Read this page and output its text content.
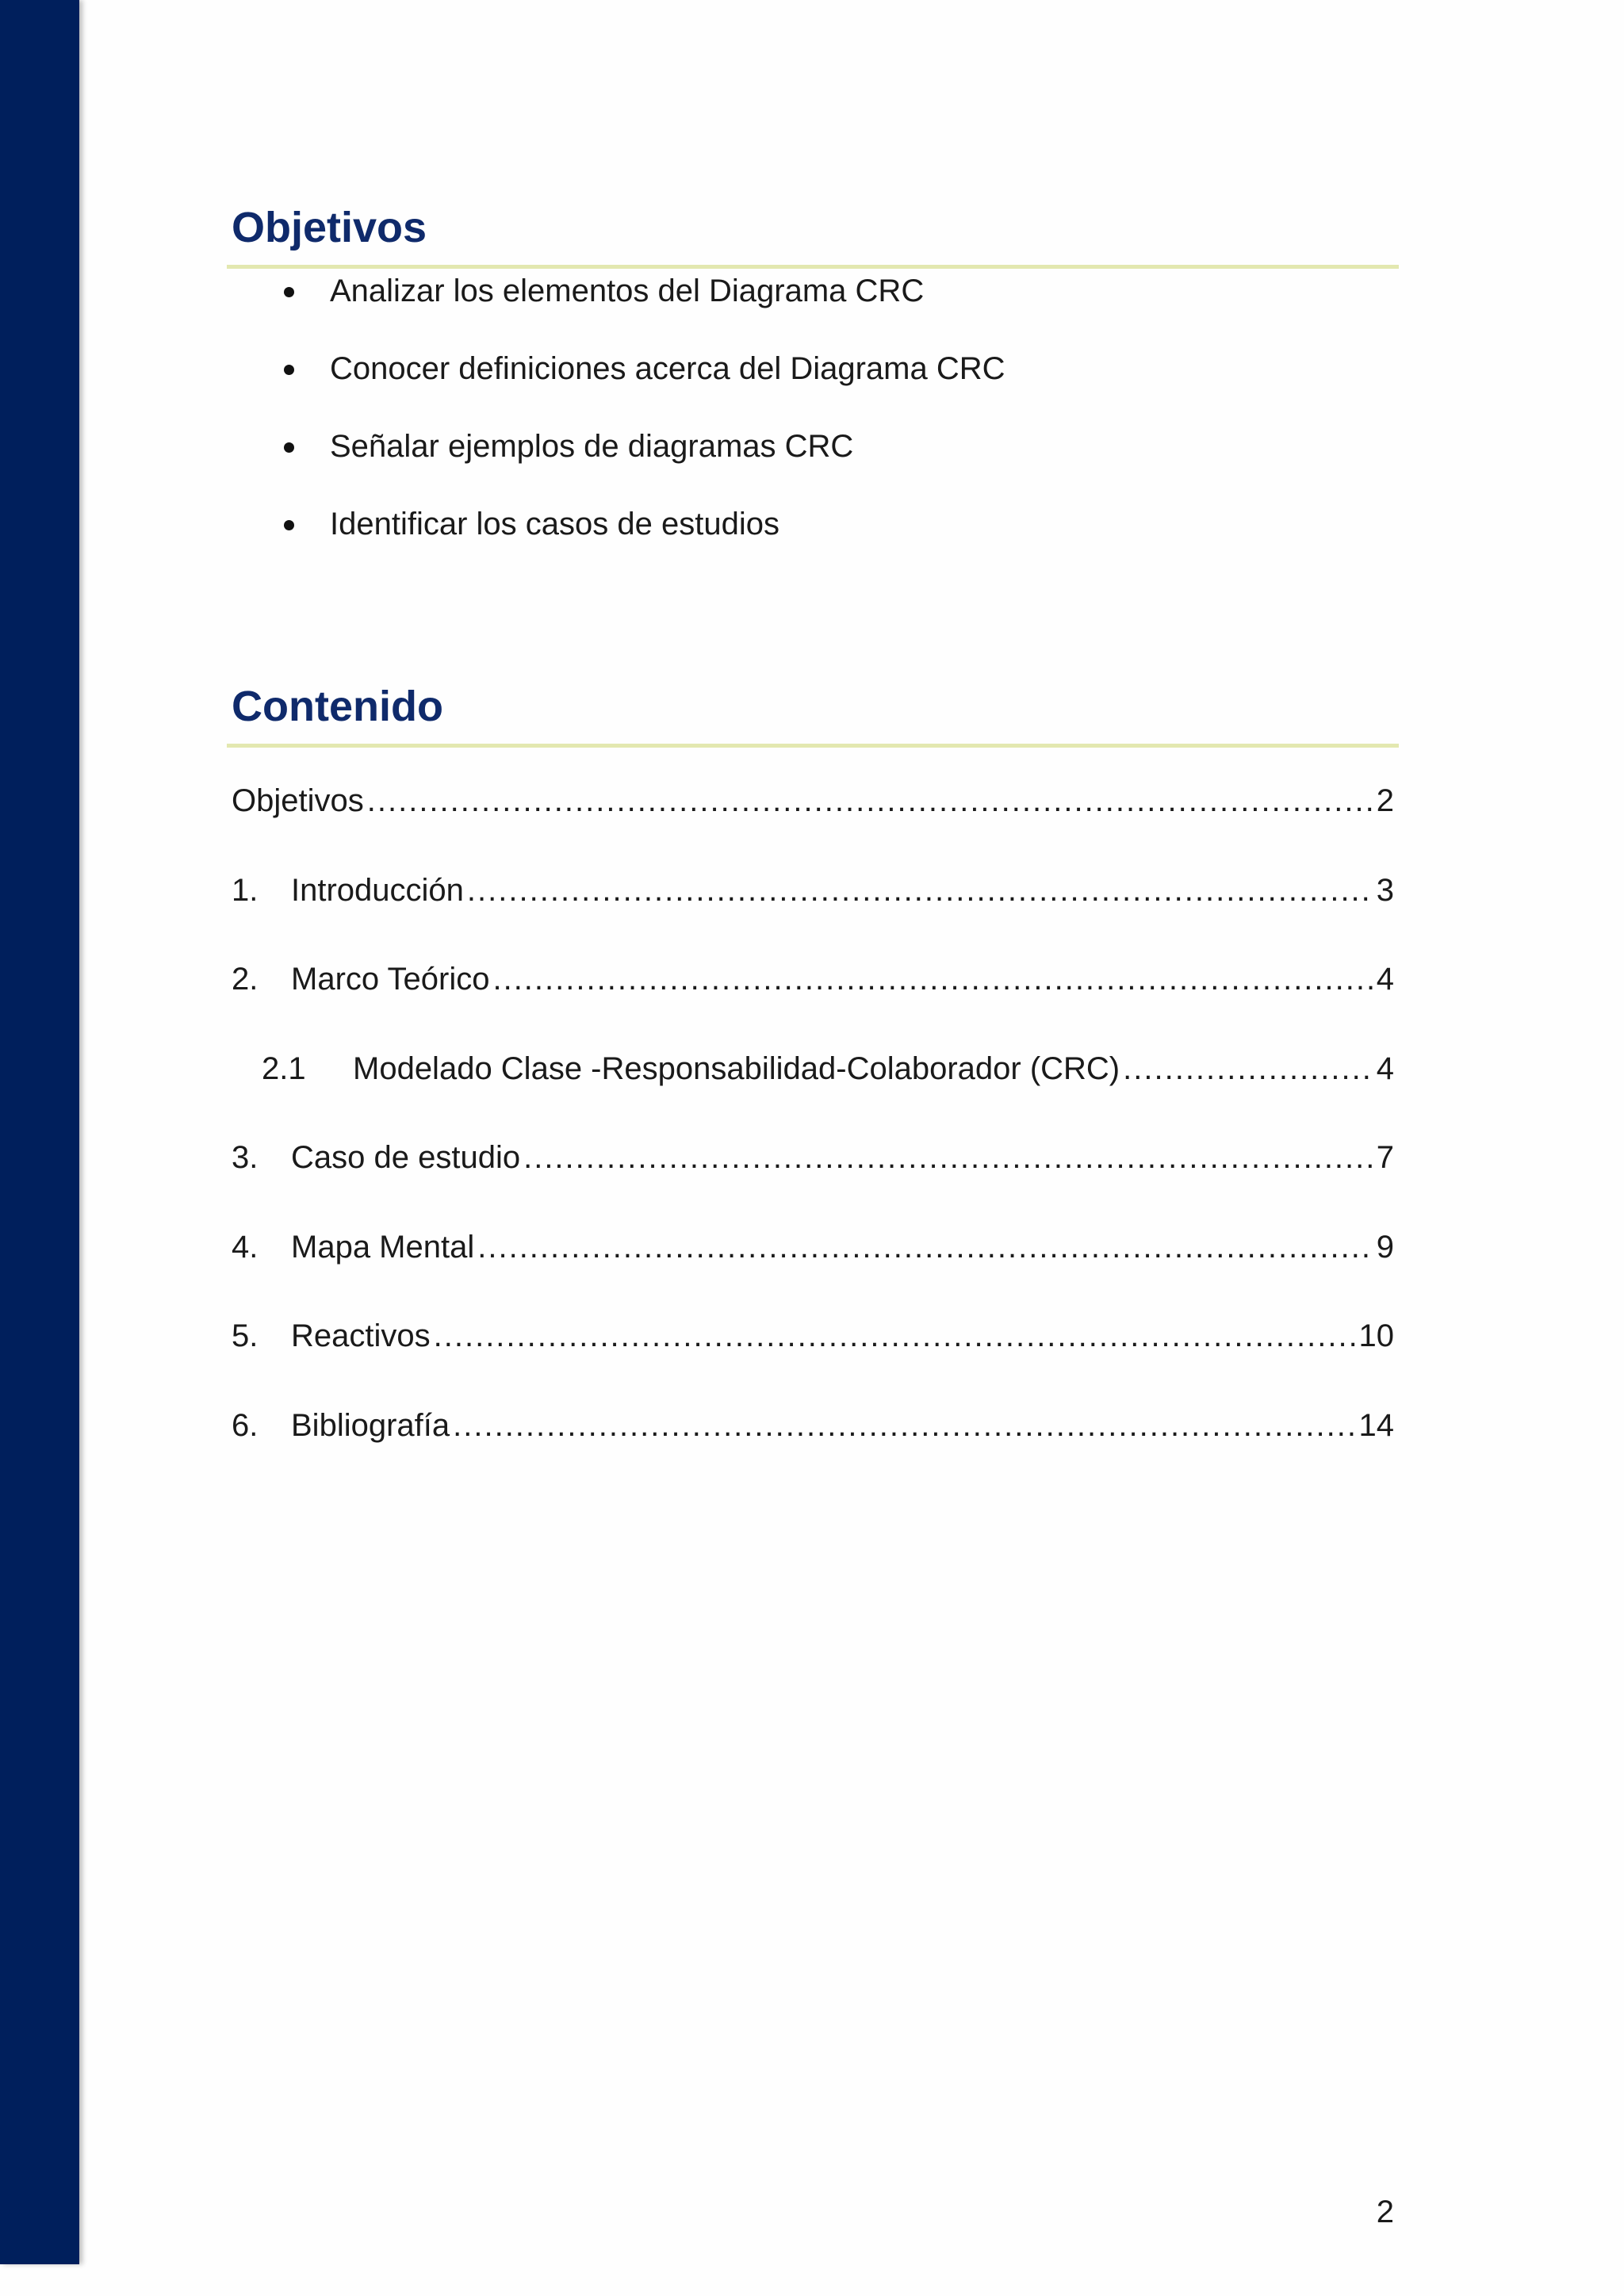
Objetivos
Analizar los elementos del Diagrama CRC
Conocer definiciones acerca del Diagrama CRC
Señalar ejemplos de diagramas CRC
Identificar los casos de estudios
Contenido
Objetivos .....	2
1.	Introducción .....	3
2.	Marco Teórico .....	4
2.1	Modelado Clase -Responsabilidad-Colaborador (CRC) .....	4
3.	Caso de estudio .....	7
4.	Mapa Mental .....	9
5.	Reactivos .....	10
6.	Bibliografía .....	14
2
